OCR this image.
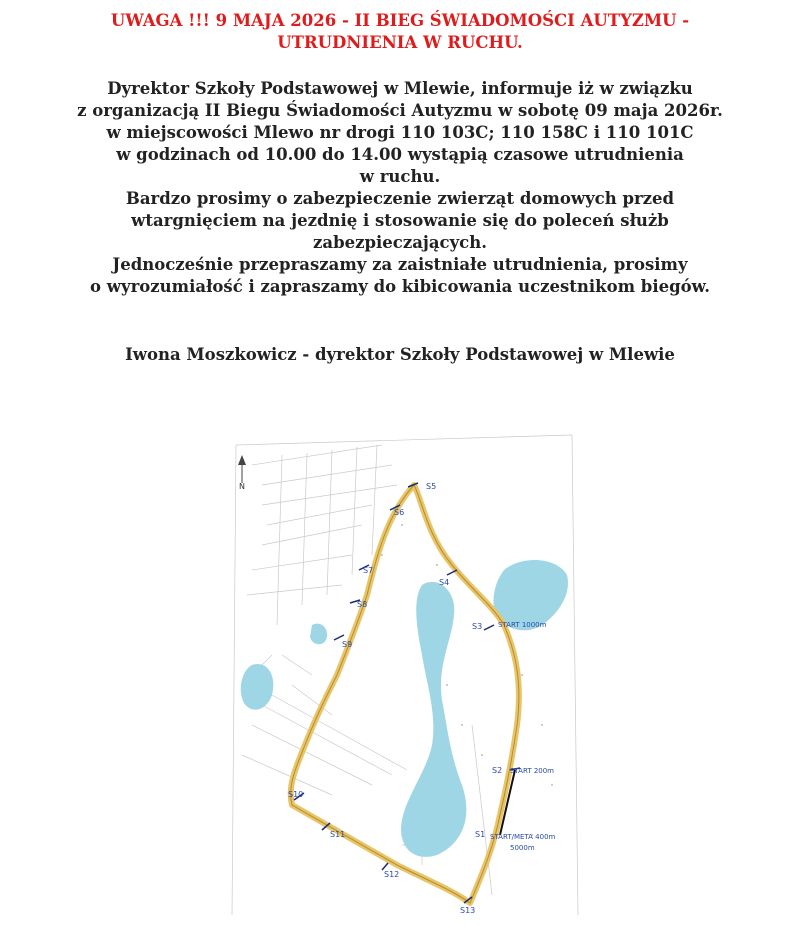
UWAGA !!! 9 MAJA 2026 - II BIEG ŚWIADOMOŚCI AUTYZMU -
UTRUDNIENIA W RUCHU.
Dyrektor Szkoły Podstawowej w Mlewie, informuje iż w związku
z organizacją II Biegu Świadomości Autyzmu w sobotę 09 maja 2026r.
w miejscowości Mlewo nr drogi 110 103C; 110 158C i 110 101C
w godzinach od 10.00 do 14.00 wystąpią czasowe utrudnienia
w ruchu.
Bardzo prosimy o zabezpieczenie zwierząt domowych przed
wtargnięciem na jezdnię i stosowanie się do poleceń służb
zabezpieczających.
Jednocześnie przepraszamy za zaistniałe utrudnienia, prosimy
o wyrozumiałość i zapraszamy do kibicowania uczestnikom biegów.
Iwona Moszkowicz - dyrektor Szkoły Podstawowej w Mlewie
S5
S6
S7
S8
S9
S4
S3
S2
S1
S10
S11
S12
S13
START 1000m
START 200m
START/META 400m
5000m
N
